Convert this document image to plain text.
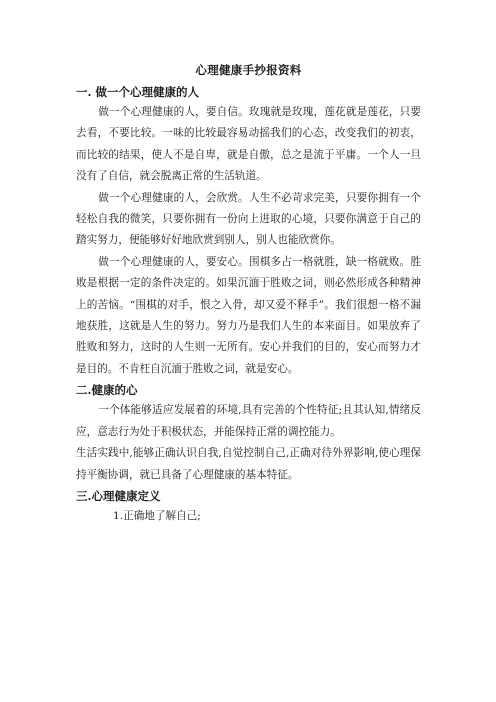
心理健康手抄报资料
一. 做一个心理健康的人

做一个心理健康的人，要自信。玫瑰就是玫瑰，莲花就是莲花，只要去看，不要比较。一味的比较最容易动摇我们的心态，改变我们的初衷，而比较的结果，使人不是自卑，就是自傲，总之是流于平庸。一个人一旦没有了自信，就会脱离正常的生活轨道。

做一个心理健康的人，会欣赏。人生不必苛求完美，只要你拥有一个轻松自我的微笑，只要你拥有一份向上进取的心境，只要你满意于自己的踏实努力，便能够好好地欣赏到别人，别人也能欣赏你。

做一个心理健康的人，要安心。围棋多占一格就胜，缺一格就败。胜败是根据一定的条件决定的。如果沉湎于胜败之词，则必然形成各种精神上的苦恼。“围棋的对手，恨之入骨，却又爱不释手”。我们很想一格不漏地获胜，这就是人生的努力。努力乃是我们人生的本来面目。如果放弃了胜败和努力，这时的人生则一无所有。安心并我们的目的，安心而努力才是目的。不肯枉自沉湎于胜败之词，就是安心。

二.健康的心

一个体能够适应发展着的环境,具有完善的个性特征;且其认知,情绪反应，意志行为处于积极状态，并能保持正常的调控能力。

生活实践中,能够正确认识自我,自觉控制自己,正确对待外界影响,使心理保持平衡协调，就已具备了心理健康的基本特征。

三.心理健康定义

1.正确地了解自己;
